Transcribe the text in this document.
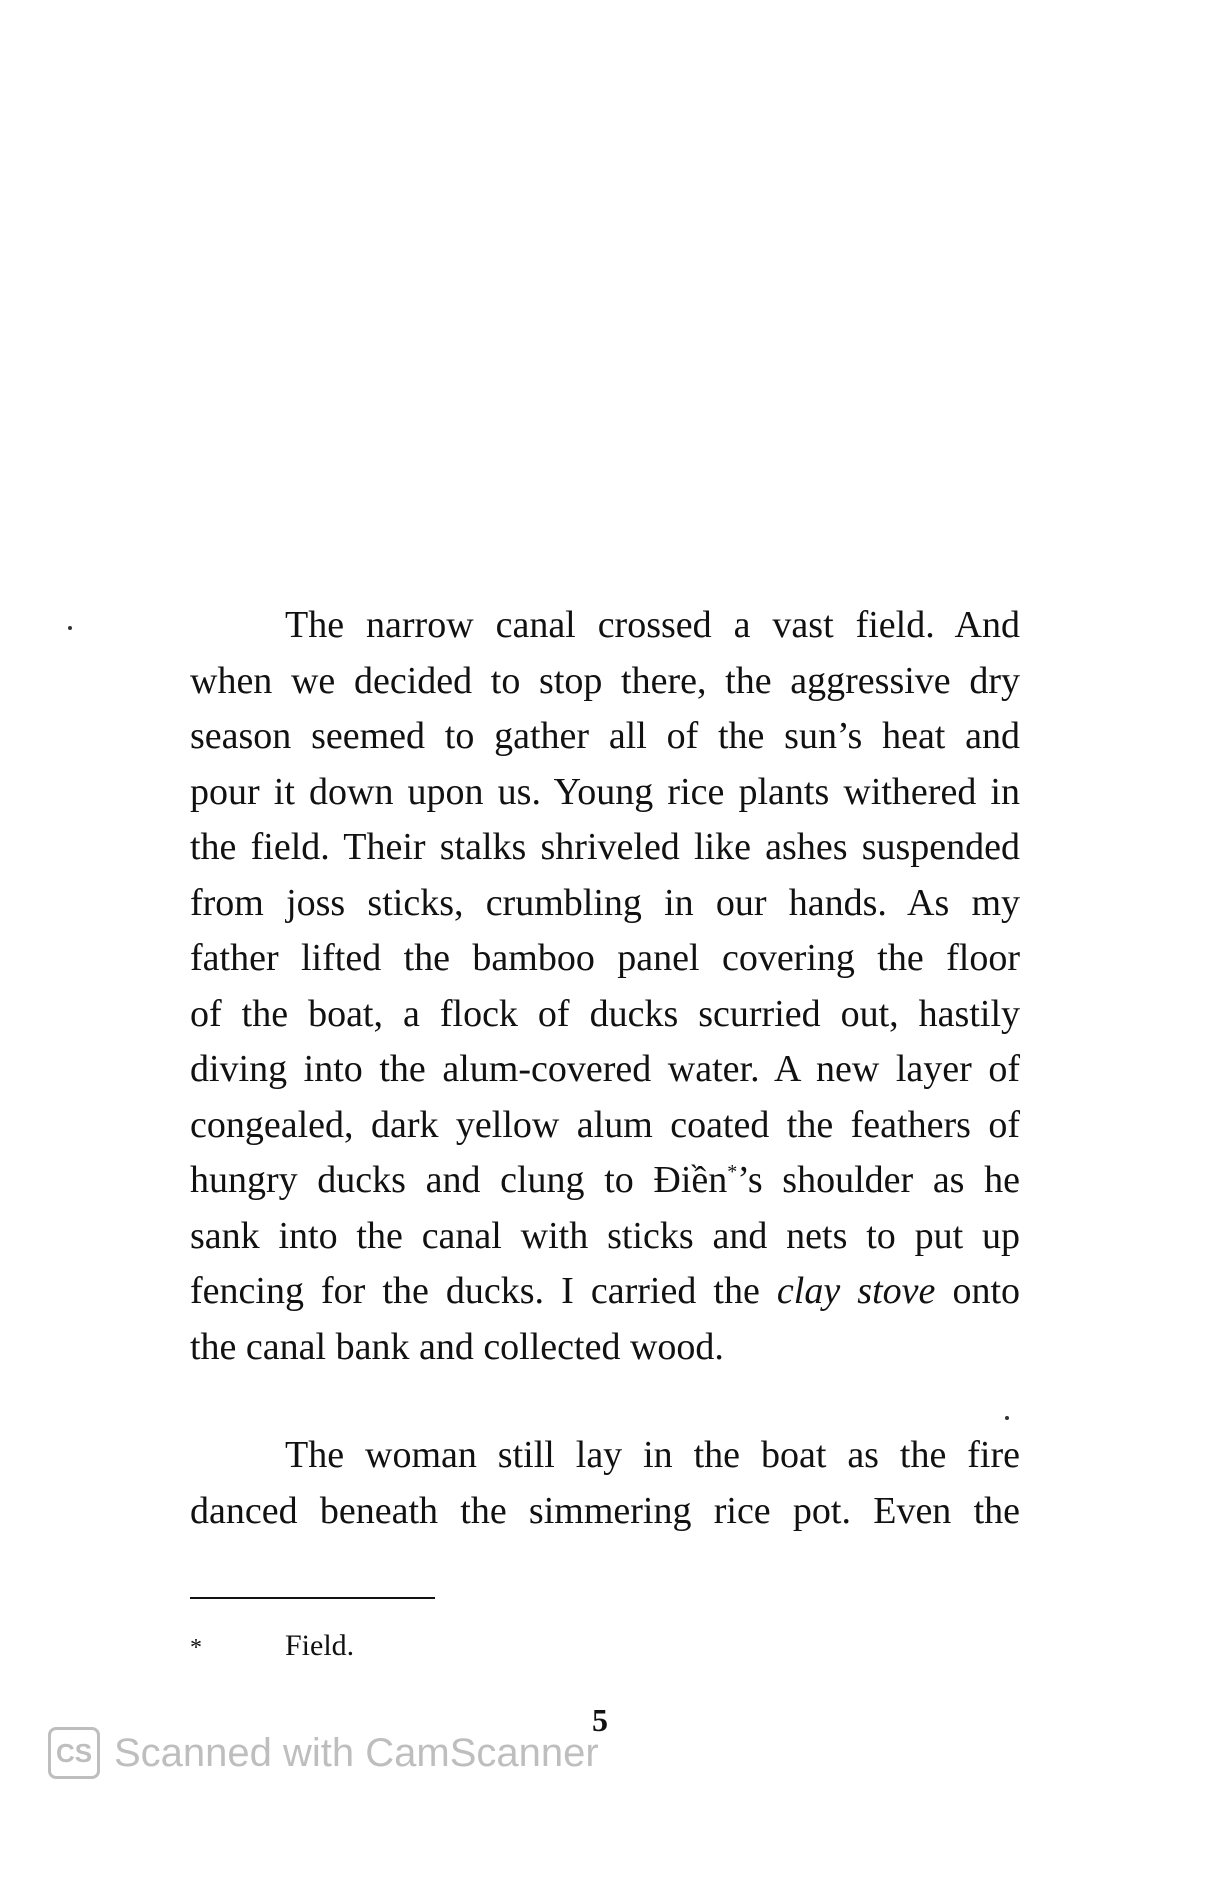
The narrow canal crossed a vast field. And
when we decided to stop there, the aggressive dry
season seemed to gather all of the sun’s heat and
pour it down upon us. Young rice plants withered in
the field. Their stalks shriveled like ashes suspended
from joss sticks, crumbling in our hands. As my
father lifted the bamboo panel covering the floor
of the boat, a flock of ducks scurried out, hastily
diving into the alum-covered water. A new layer of
congealed, dark yellow alum coated the feathers of
hungry ducks and clung to Điền*’s shoulder as he
sank into the canal with sticks and nets to put up
fencing for the ducks. I carried the clay stove onto
the canal bank and collected wood.
The woman still lay in the boat as the fire
danced beneath the simmering rice pot. Even the
*	Field.
5
CS Scanned with CamScanner
